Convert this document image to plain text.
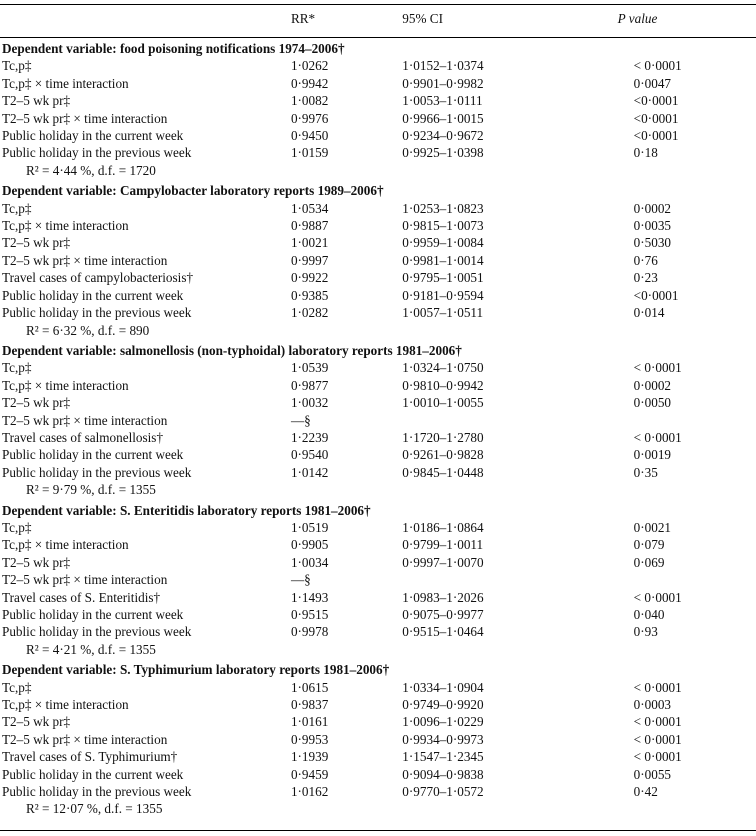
	RR*	95% CI	P value
Dependent variable: food poisoning notifications 1974–2006†			
Tc,p‡	1·0262	1·0152–1·0374	< 0·0001
Tc,p‡ × time interaction	0·9942	0·9901–0·9982	0·0047
T2–5 wk pr‡	1·0082	1·0053–1·0111	<0·0001
T2–5 wk pr‡ × time interaction	0·9976	0·9966–1·0015	<0·0001
Public holiday in the current week	0·9450	0·9234–0·9672	<0·0001
Public holiday in the previous week	1·0159	0·9925–1·0398	0·18
R² = 4·44 %, d.f. = 1720			
Dependent variable: Campylobacter laboratory reports 1989–2006†			
Tc,p‡	1·0534	1·0253–1·0823	0·0002
Tc,p‡ × time interaction	0·9887	0·9815–1·0073	0·0035
T2–5 wk pr‡	1·0021	0·9959–1·0084	0·5030
T2–5 wk pr‡ × time interaction	0·9997	0·9981–1·0014	0·76
Travel cases of campylobacteriosis†	0·9922	0·9795–1·0051	0·23
Public holiday in the current week	0·9385	0·9181–0·9594	<0·0001
Public holiday in the previous week	1·0282	1·0057–1·0511	0·014
R² = 6·32 %, d.f. = 890			
Dependent variable: salmonellosis (non-typhoidal) laboratory reports 1981–2006†			
Tc,p‡	1·0539	1·0324–1·0750	< 0·0001
Tc,p‡ × time interaction	0·9877	0·9810–0·9942	0·0002
T2–5 wk pr‡	1·0032	1·0010–1·0055	0·0050
T2–5 wk pr‡ × time interaction	—§		
Travel cases of salmonellosis†	1·2239	1·1720–1·2780	< 0·0001
Public holiday in the current week	0·9540	0·9261–0·9828	0·0019
Public holiday in the previous week	1·0142	0·9845–1·0448	0·35
R² = 9·79 %, d.f. = 1355			
Dependent variable: S. Enteritidis laboratory reports 1981–2006†			
Tc,p‡	1·0519	1·0186–1·0864	0·0021
Tc,p‡ × time interaction	0·9905	0·9799–1·0011	0·079
T2–5 wk pr‡	1·0034	0·9997–1·0070	0·069
T2–5 wk pr‡ × time interaction	—§		
Travel cases of S. Enteritidis†	1·1493	1·0983–1·2026	< 0·0001
Public holiday in the current week	0·9515	0·9075–0·9977	0·040
Public holiday in the previous week	0·9978	0·9515–1·0464	0·93
R² = 4·21 %, d.f. = 1355			
Dependent variable: S. Typhimurium laboratory reports 1981–2006†			
Tc,p‡	1·0615	1·0334–1·0904	< 0·0001
Tc,p‡ × time interaction	0·9837	0·9749–0·9920	0·0003
T2–5 wk pr‡	1·0161	1·0096–1·0229	< 0·0001
T2–5 wk pr‡ × time interaction	0·9953	0·9934–0·9973	< 0·0001
Travel cases of S. Typhimurium†	1·1939	1·1547–1·2345	< 0·0001
Public holiday in the current week	0·9459	0·9094–0·9838	0·0055
Public holiday in the previous week	1·0162	0·9770–1·0572	0·42
R² = 12·07 %, d.f. = 1355			
